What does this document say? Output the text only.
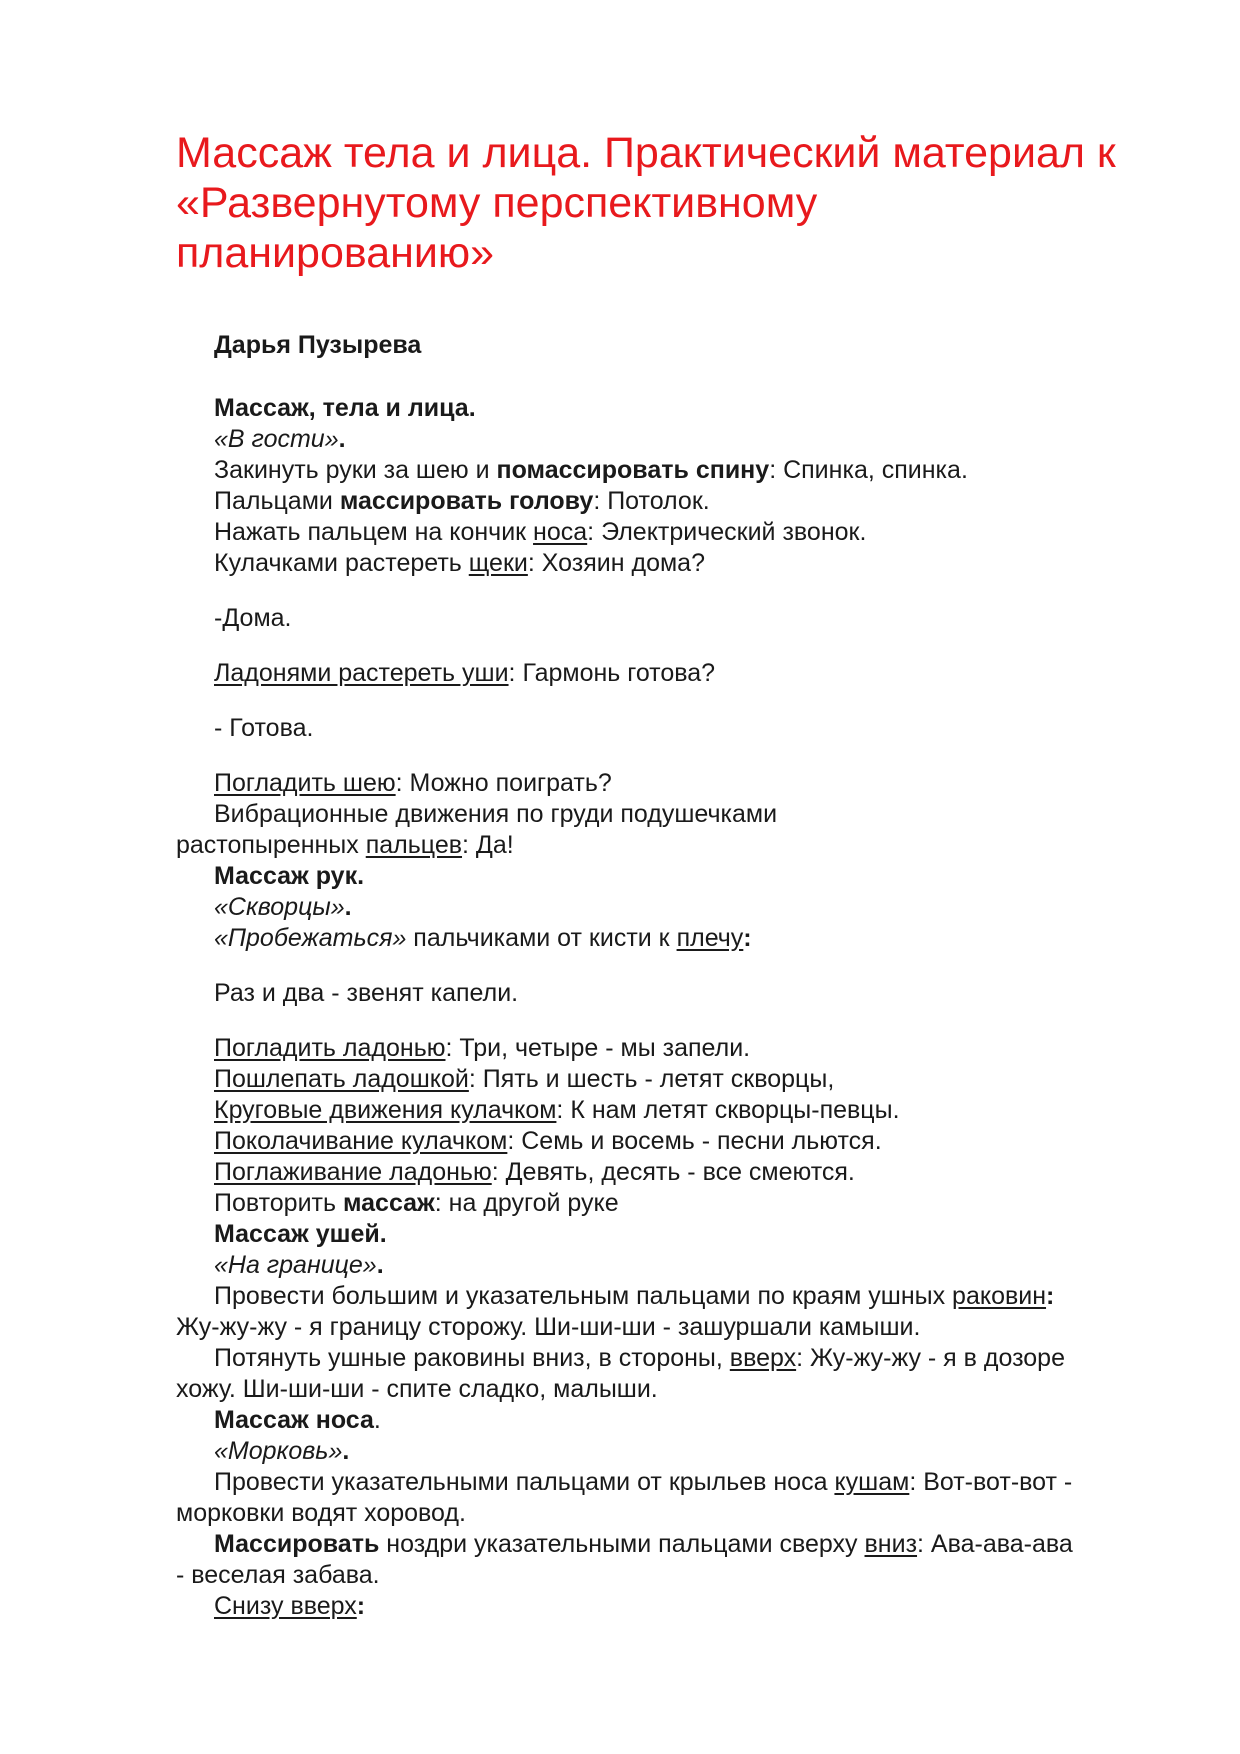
Массаж тела и лица. Практический материал к
«Развернутому перспективному
планированию»
Дарья Пузырева
Массаж, тела и лица.
«В гости».
Закинуть руки за шею и помассировать спину: Спинка, спинка.
Пальцами массировать голову: Потолок.
Нажать пальцем на кончик носа: Электрический звонок.
Кулачками растереть щеки: Хозяин дома?
-Дома.
Ладонями растереть уши: Гармонь готова?
- Готова.
Погладить шею: Можно поиграть?
Вибрационные движения по груди подушечками
растопыренных пальцев: Да!
Массаж рук.
«Скворцы».
«Пробежаться» пальчиками от кисти к плечу:
Раз и два - звенят капели.
Погладить ладонью: Три, четыре - мы запели.
Пошлепать ладошкой: Пять и шесть - летят скворцы,
Круговые движения кулачком: К нам летят скворцы-певцы.
Поколачивание кулачком: Семь и восемь - песни льются.
Поглаживание ладонью: Девять, десять - все смеются.
Повторить массаж: на другой руке
Массаж ушей.
«На границе».
Провести большим и указательным пальцами по краям ушных раковин:
Жу-жу-жу - я границу сторожу. Ши-ши-ши - зашуршали камыши.
Потянуть ушные раковины вниз, в стороны, вверх: Жу-жу-жу - я в дозоре
хожу. Ши-ши-ши - спите сладко, малыши.
Массаж носа.
«Морковь».
Провести указательными пальцами от крыльев носа кушам: Вот-вот-вот -
морковки водят хоровод.
Массировать ноздри указательными пальцами сверху вниз: Ава-ава-ава
- веселая забава.
Снизу вверх:
